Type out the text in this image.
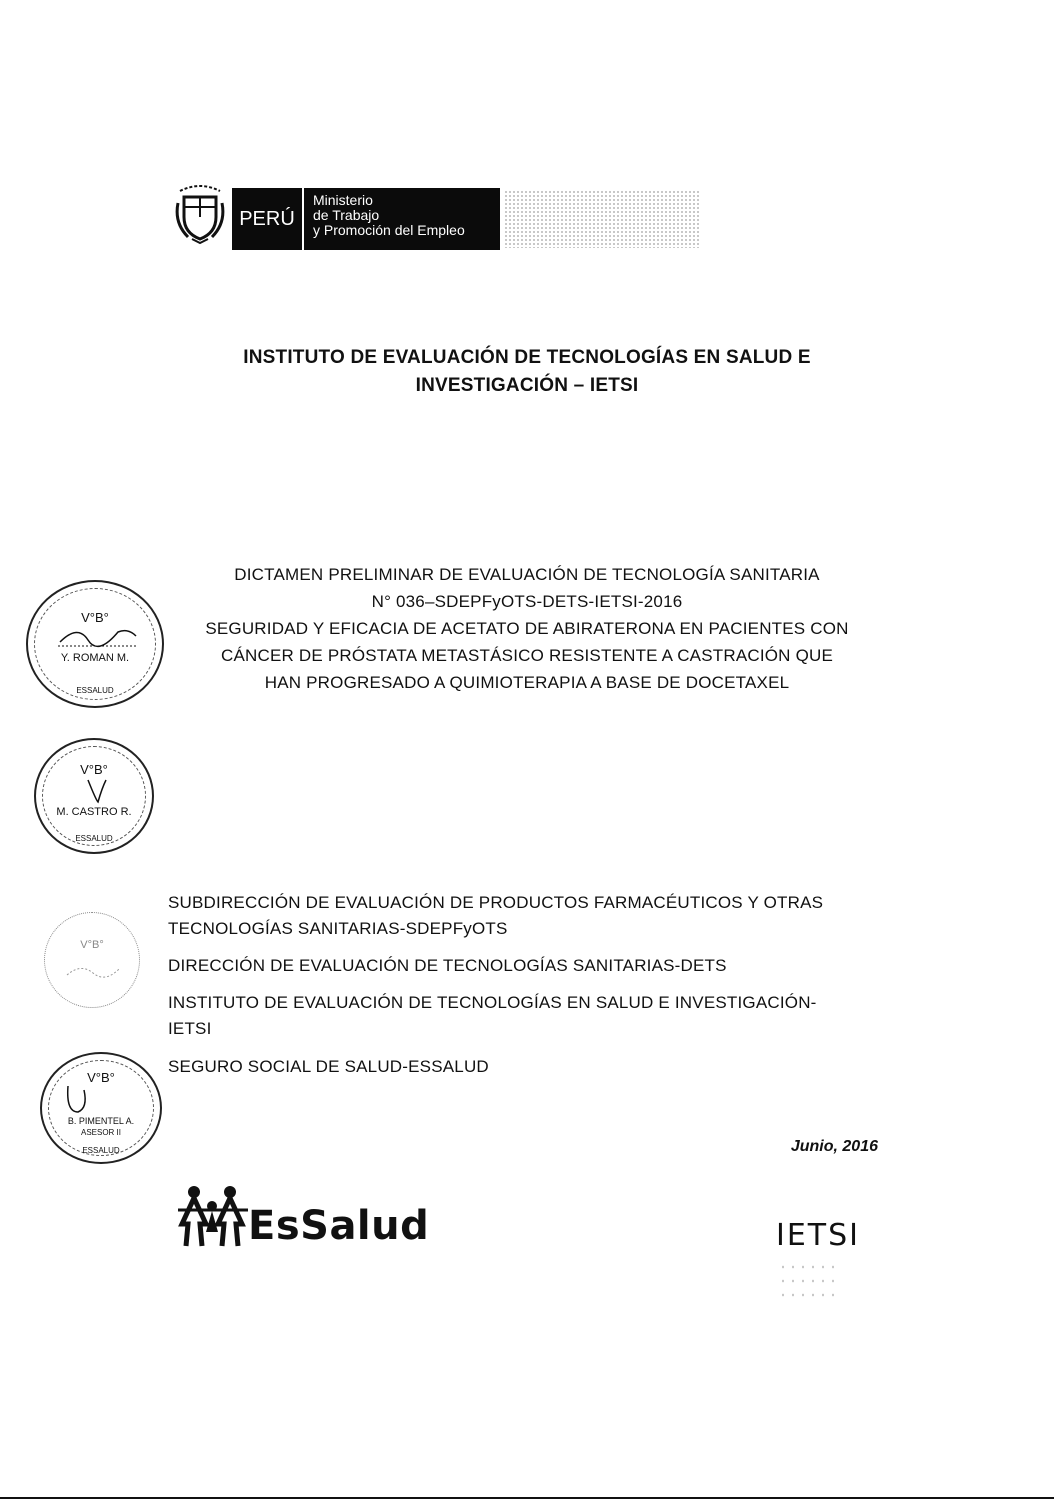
PERÚ
Ministerio
de Trabajo
y Promoción del Empleo
INSTITUTO DE EVALUACIÓN DE TECNOLOGÍAS EN SALUD E
INVESTIGACIÓN – IETSI
DICTAMEN PRELIMINAR DE EVALUACIÓN DE TECNOLOGÍA SANITARIA
N° 036–SDEPFyOTS-DETS-IETSI-2016
SEGURIDAD Y EFICACIA DE ACETATO DE ABIRATERONA EN PACIENTES CON
CÁNCER DE PRÓSTATA METASTÁSICO RESISTENTE A CASTRACIÓN QUE
HAN PROGRESADO A QUIMIOTERAPIA A BASE DE DOCETAXEL
V°B°
Y. ROMAN M.
ESSALUD
V°B°
M. CASTRO R.
ESSALUD
V°B°
V°B°
B. PIMENTEL A.
ASESOR II
ESSALUD
SUBDIRECCIÓN DE EVALUACIÓN DE PRODUCTOS FARMACÉUTICOS Y OTRAS
TECNOLOGÍAS SANITARIAS-SDEPFyOTS
DIRECCIÓN DE EVALUACIÓN DE TECNOLOGÍAS SANITARIAS-DETS
INSTITUTO DE EVALUACIÓN DE TECNOLOGÍAS EN SALUD E INVESTIGACIÓN-
IETSI
SEGURO SOCIAL DE SALUD-ESSALUD
Junio, 2016
EsSalud	IETSI
